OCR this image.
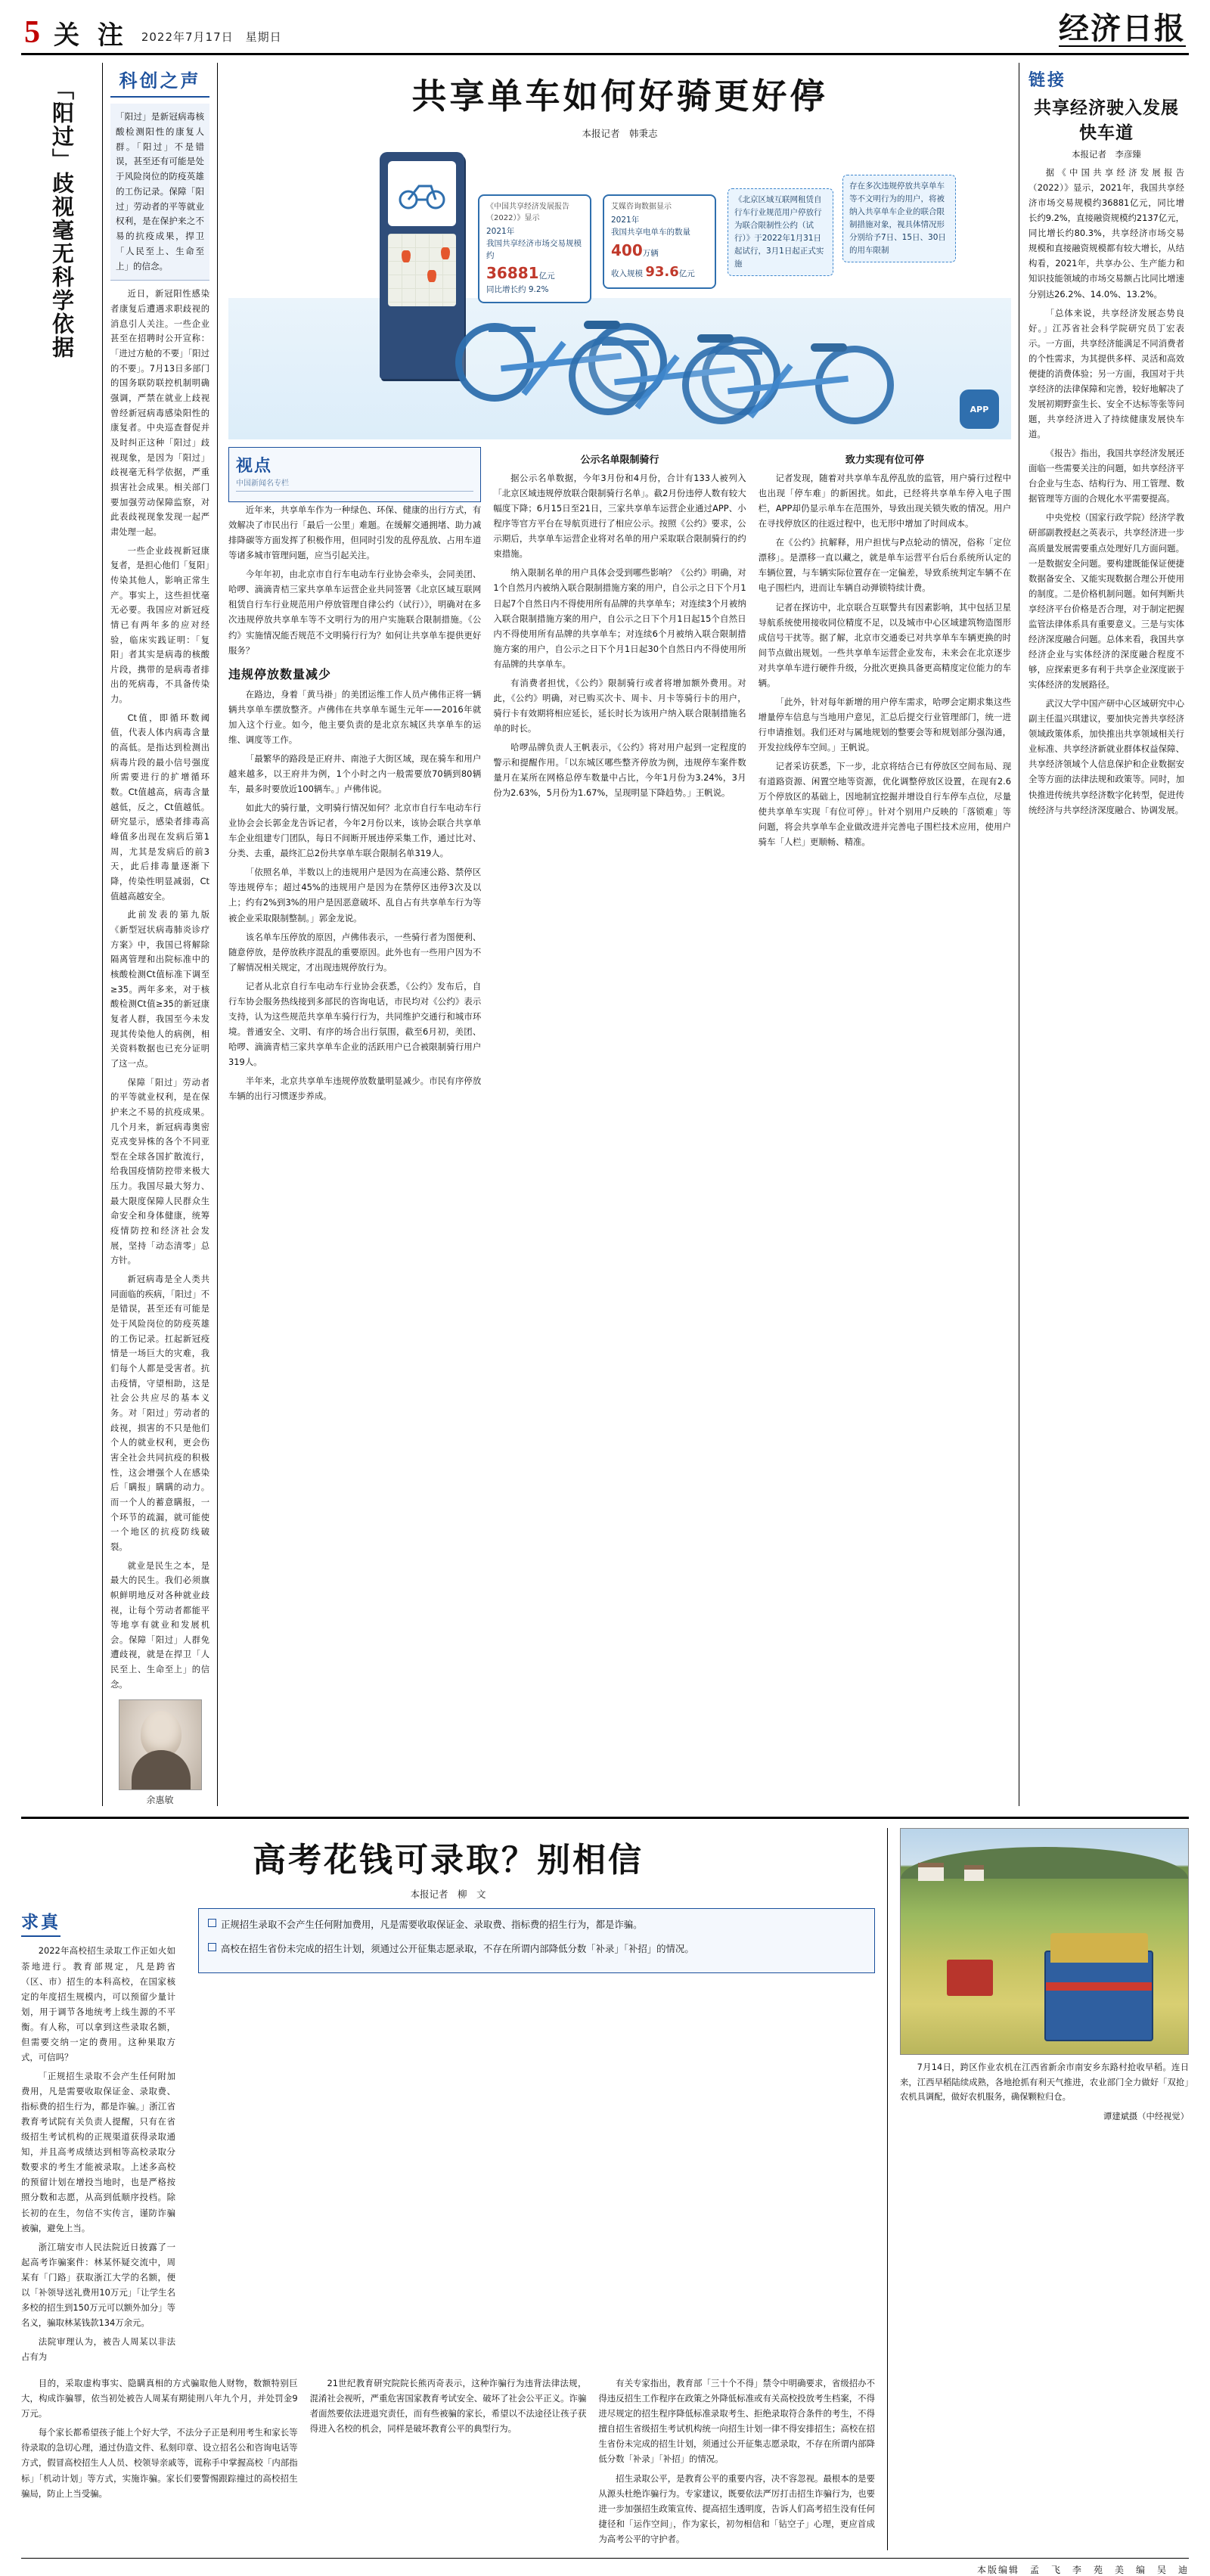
5 关 注 2022年7月17日　星期日	经济日报
「阳过」歧视毫无科学依据	科创之声
「阳过」是新冠病毒核酸检测阳性的康复人群。「阳过」不是错误，甚至还有可能是处于风险岗位的防疫英雄的工伤记录。保障「阳过」劳动者的平等就业权利，是在保护来之不易的抗疫成果，捍卫「人民至上、生命至上」的信念。

近日，新冠阳性感染者康复后遭遇求职歧视的消息引人关注。一些企业甚至在招聘时公开宣称：「进过方舱的不要」「阳过的不要」。7月13日多部门的国务联防联控机制明确强调，严禁在就业上歧视曾经新冠病毒感染阳性的康复者。中央巡查督促并及时纠正这种「阳过」歧视现象，是因为「阳过」歧视毫无科学依据，严重损害社会成果。相关部门要加强劳动保障监察，对此表歧视现象发现一起严肃处理一起。

一些企业歧视新冠康复者，是担心他们「复阳」传染其他人，影响正常生产。事实上，这些担忧毫无必要。我国应对新冠疫情已有两年多的应对经验，临床实践证明：「复阳」者其实是病毒的核酸片段，携带的是病毒者排出的死病毒，不具备传染力。

Ct值，即循环数阈值，代表人体内病毒含量的高低。是指达到检测出病毒片段的最小信号强度所需要进行的扩增循环数。Ct值越高，病毒含量越低，反之，Ct值越低。研究显示，感染者排毒高峰值多出现在发病后第1周，尤其是发病后的前3天，此后排毒量逐渐下降，传染性明显减弱，Ct值越高越安全。

此前发表的第九版《新型冠状病毒肺炎诊疗方案》中，我国已将解除隔离管理和出院标准中的核酸检测Ct值标准下调至≥35。两年多来，对于核酸检测Ct值≥35的新冠康复者人群，我国至今未发现其传染他人的病例，相关资料数据也已充分证明了这一点。

保障「阳过」劳动者的平等就业权利，是在保护来之不易的抗疫成果。几个月来，新冠病毒奥密克戎变异株的各个不同亚型在全球各国扩散流行，给我国疫情防控带来极大压力。我国尽最大努力、最大限度保障人民群众生命安全和身体健康，统筹疫情防控和经济社会发展，坚持「动态清零」总方针。

新冠病毒是全人类共同面临的疾病，「阳过」不是错误，甚至还有可能是处于风险岗位的防疫英雄的工伤记录。扛起新冠疫情是一场巨大的灾难，我们每个人都是受害者。抗击疫情，守望相助，这是社会公共应尽的基本义务。对「阳过」劳动者的歧视，损害的不只是他们个人的就业权利，更会伤害全社会共同抗疫的积极性，这会增强个人在感染后「瞒报」瞒瞒的动力。而一个人的蓄意瞒报，一个环节的疏漏，就可能使一个地区的抗疫防线破裂。

就业是民生之本，是最大的民生。我们必须旗帜鲜明地反对各种就业歧视，让每个劳动者都能平等地享有就业和发展机会。保障「阳过」人群免遭歧视，就是在捍卫「人民至上、生命至上」的信念。

余惠敏
共享单车如何好骑更好停
本报记者　韩秉志
《中国共享经济发展报告（2022）》显示
2021年
我国共享经济市场交易规模约
36881亿元
同比增长约 9.2%
艾媒咨询数据显示
2021年
我国共享电单车的数量
400万辆
收入规模 93.6亿元
《北京区域互联网租赁自行车行业规范用户停放行为联合限制性公约（试行）》于2022年1月31日起试行，3月1日起正式实施
存在多次违规停放共享单车等不文明行为的用户，将被纳入共享单车企业的联合限制措施对象，视具体情况形分别给予7日、15日、30日的用车限制
APP
视点
中国新闻名专栏

近年来，共享单车作为一种绿色、环保、健康的出行方式，有效解决了市民出行「最后一公里」难题。在缓解交通拥堵、助力减排降碳等方面发挥了积极作用，但同时引发的乱停乱放、占用车道等诸多城市管理问题，应当引起关注。

今年年初，由北京市自行车电动车行业协会牵头，会同美团、哈啰、滴滴青桔三家共享单车运营企业共同签署《北京区域互联网租赁自行车行业规范用户停放管理自律公约（试行）》，明确对在多次违规停放共享单车等不文明行为的用户实施联合限制措施。《公约》实施情况能否规范不文明骑行行为？如何让共享单车提供更好服务？

违规停放数量减少

在路边，身着「黄马褂」的美团运维工作人员卢佛伟正将一辆辆共享单车摆放整齐。卢佛伟在共享单车诞生元年——2016年就加入这个行业。如今，他主要负责的是北京东城区共享单车的运维、调度等工作。

「最繁华的路段是正府井、南池子大街区域，现在骑车和用户越来越多，以王府井为例，1个小时之内一般需要放70辆到80辆车，最多时要放近100辆车。」卢佛伟说。

如此大的骑行量，文明骑行情况如何？北京市自行车电动车行业协会会长郭金龙告诉记者，今年2月份以来，该协会联合共享单车企业组建专门团队，每日不间断开展违停采集工作，通过比对、分类、去重，最终汇总2份共享单车联合限制名单319人。

「依照名单，半数以上的违规用户是因为在高速公路、禁停区等违规停车；超过45%的违规用户是因为在禁停区违停3次及以上；约有2%到3%的用户是因恶意破坏、乱自占有共享单车行为等被企业采取限制整制。」郭金龙说。

该名单车压停放的原因，卢佛伟表示，一些骑行者为图便利、随意停放，是停放秩序混乱的重要原因。此外也有一些用户因为不了解情况相关规定，才出现违规停放行为。

记者从北京自行车电动车行业协会获悉，《公约》发布后，自行车协会服务热线接到多部民的咨询电话，市民均对《公约》表示支持，认为这些规范共享单车骑行行为，共同维护交通行和城市环境。普通安全、文明、有序的场合出行氛围，截至6月初，美团、哈啰、滴滴青桔三家共享单车企业的活跃用户已合被限制骑行用户319人。

半年来，北京共享单车违规停放数量明显减少。市民有序停放车辆的出行习惯逐步养成。

公示名单限制骑行

据公示名单数据，今年3月份和4月份，合计有133人被列入「北京区域违规停放联合限制骑行名单」。截2月份违停人数有较大幅度下降；6月15日至21日，三家共享单车运营企业通过APP、小程序等官方平台在导航页进行了相应公示。按照《公约》要求，公示期后，共享单车运营企业将对名单的用户采取联合限制骑行的约束措施。

纳入限制名单的用户具体会受到哪些影响？《公约》明确，对1个自然月内被纳入联合限制措施方案的用户，自公示之日下个月1日起7个自然日内不得使用所有品牌的共享单车；对连续3个月被纳入联合限制措施方案的用户，自公示之日下个月1日起15个自然日内不得使用所有品牌的共享单车；对连续6个月被纳入联合限制措施方案的用户，自公示之日下个月1日起30个自然日内不得使用所有品牌的共享单车。

有消费者担忧，《公约》限制骑行或者将增加额外费用。对此，《公约》明确，对已购买次卡、周卡、月卡等骑行卡的用户，骑行卡有效期将相应延长，延长时长为该用户纳入联合限制措施名单的时长。

哈啰品牌负责人王帆表示，《公约》将对用户起到一定程度的警示和提醒作用。「以东城区哪些整齐停放为例，违规停车案件数量月在某所在网格总停车数量中占比，今年1月份为3.24%，3月份为2.63%，5月份为1.67%，呈现明显下降趋势。」王帆说。

致力实现有位可停

记者发现，随着对共享单车乱停乱放的监管，用户骑行过程中也出现「停车难」的新困扰。如此，已经将共享单车停入电子围栏，APP却仍显示单车在范围外，导致出现关锁失败的情况。用户在寻找停放区的往返过程中，也无形中增加了时间成本。

在《公约》抗解释，用户担忧与P点轮动的情况，俗称「定位漂移」。是漂移一直以藏之，就是单车运营平台后台系统所认定的车辆位置，与车辆实际位置存在一定偏差，导致系统判定车辆不在电子围栏内，进而让车辆自动弹锁特续计费。

记者在探访中，北京联合互联警共有因素影响，其中包括卫星导航系统使用接收同位精度不足，以及城市中心区域建筑物造图形成信号干扰等。据了解，北京市交通委已对共享单车车辆更换的时间节点做出规划。一些共享单车运营企业发布，未来会在北京逐步对共享单车进行硬件升级，分批次更换具备更高精度定位能力的车辆。

「此外，针对每年新增的用户停车需求，哈啰会定期求集这些增量停车信息与当地用户意见，汇总后提交行业管理部门，统一进行申请推划。我们还对与属地规划的整要会等和规划部分强沟通，开发拉线停车空间。」王帆说。

记者采访获悉，下一步，北京将结合已有停放区空间布局、现有道路资源、闲置空地等资源，优化调整停放区设置，在现有2.6万个停放区的基础上，因地制宜挖掘并增设自行车停车点位，尽量使共享单车实现「有位可停」。针对个别用户反映的「落锁难」等问题，将会共享单车企业做改进并完善电子围栏技术应用，使用户骑车「人栏」更顺畅、精准。

链接
共享经济驶入发展快车道
本报记者　李彦臻

据《中国共享经济发展报告（2022）》显示，2021年，我国共享经济市场交易规模约36881亿元，同比增长约9.2%，直接融资规模约2137亿元，同比增长约80.3%，共享经济市场交易规模和直接融资规模都有较大增长，从结构看，2021年，共享办公、生产能力和知识技能领域的市场交易额占比同比增速分别达26.2%、14.0%、13.2%。

「总体来说，共享经济发展态势良好。」江苏省社会科学院研究员丁宏表示。一方面，共享经济能满足不同消费者的个性需求，为其提供多样、灵活和高效便捷的消费体验；另一方面，我国对于共享经济的法律保障和完善，较好地解决了发展初期野蛮生长、安全不达标等张等问题，共享经济进入了持续健康发展快车道。

《报告》指出，我国共享经济发展还面临一些需要关注的问题，如共享经济平台企业与生态、结构行为、用工管理、数据管理等方面的合规化水平需要提高。

中央党校（国家行政学院）经济学教研部副教授赵之英表示，共享经济进一步高质量发展需要重点处理好几方面问题。一是数据安全问题。要构建既能保证便捷数据备安全、又能实现数据合理公开使用的制度。二是价格机制问题。如何判断共享经济平台价格是否合理，对于制定把握监管法律体系具有重要意义。三是与实体经济深度融合问题。总体来看，我国共享经济企业与实体经济的深度融合程度不够，应探索更多有利于共享企业深度嵌于实体经济的发展路径。

武汉大学中国产研中心区域研究中心副主任温兴琪建议，要加快完善共享经济领域政策体系，加快推出共享领域相关行业标准、共享经济新就业群体权益保障、共享经济领域个人信息保护和企业数据安全等方面的法律法规和政策等。同时，加快推进传统共享经济数字化转型，促进传统经济与共享经济深度融合、协调发展。

高考花钱可录取？别相信
本报记者　柳　文
求真

2022年高校招生录取工作正如火如荼地进行。教育部规定，凡是跨省（区、市）招生的本科高校，在国家核定的年度招生规模内，可以预留少量计划，用于调节各地统考上线生源的不平衡。有人称，可以拿到这些录取名额，但需要交纳一定的费用。这种果取方式，可信吗？

「正规招生录取不会产生任何附加费用，凡是需要收取保证金、录取费、指标费的招生行为，都是诈骗。」浙江省教育考试院有关负责人提醒，只有在省级招生考试机构的正规渠道获得录取通知，并且高考成绩达到相等高校录取分数要求的考生才能被录取。上述多高校的预留计划在增投当地时，也是严格按照分数和志愿，从高到低顺序投档。除长初的在生，勿信不实传言，谨防诈骗被骗，避免上当。

浙江瑞安市人民法院近日披露了一起高考诈骗案件：林某怀疑交流中，周某有「门路」获取浙江大学的名额，便以「补领导送礼费用10万元」「让学生名多校的招生到150万元可以额外加分」等名义，骗取林某钱款134万余元。

法院审理认为，被告人周某以非法占有为

正规招生录取不会产生任何附加费用，凡是需要收取保证金、录取费、指标费的招生行为，都是诈骗。

高校在招生省份未完成的招生计划，须通过公开征集志愿录取，不存在所谓内部降低分数「补录」「补招」的情况。

目的，采取虚构事实、隐瞒真相的方式骗取他人财物，数额特别巨大，构成诈骗罪，依当初处被告人周某有期徒刑八年九个月，并处罚金9万元。

每个家长都希望孩子能上个好大学，不法分子正是利用考生和家长等待录取的急切心理，通过伪造文件、私刻印章、设立招名公和咨询电话等方式，假冒高校招生人人员、校领导亲戚等，谎称手中掌握高校「内部指标」「机动计划」等方式，实施诈骗。家长们要警惕跟踪撞过的高校招生骗局，防止上当受骗。

21世纪教育研究院院长熊丙奇表示，这种诈骗行为违背法律法规，混淆社会视听，严重危害国家教育考试安全、破坏了社会公平正义。诈骗者面然要依法进退究责任，而有些被骗的家长，希望以不法途径让孩子获得进入名校的机会，同样是破坏教育公平的典型行为。

有关专家指出，教育部「三十个不得」禁令中明确要求，省级招办不得违反招生工作程序在政策之外降低标准或有关高校投放考生档案，不得进尽规定的招生程序降低标准录取考生、拒绝录取符合条件的考生，不得擅自招生省级招生考试机构统一向招生计划一律不得安排招生；高校在招生省份未完成的招生计划，须通过公开征集志愿录取，不存在所谓内部降低分数「补录」「补招」的情况。

招生录取公平，是教育公平的重要内容，决不容忽视。最根本的是要从源头杜绝诈骗行为。专家建议，既要依法严厉打击招生诈骗行为，也要进一步加强招生政策宣传、提高招生透明度，告诉人们高考招生没有任何捷径和「运作空间」，作为家长，初勿相信和「钻空子」心理，更应首成为高考公平的守护者。

7月14日，跨区作业农机在江西省新余市南安乡东路村抢收早稻。连日来，江西早稻陆续成熟，各地抢抓有利天气推进，农业部门全力做好「双抢」农机具调配，做好农机服务，确保颗粒归仓。
谭建斌摄（中经视觉）
本版编辑　孟　飞　李　苑　美　编　吴　迪
